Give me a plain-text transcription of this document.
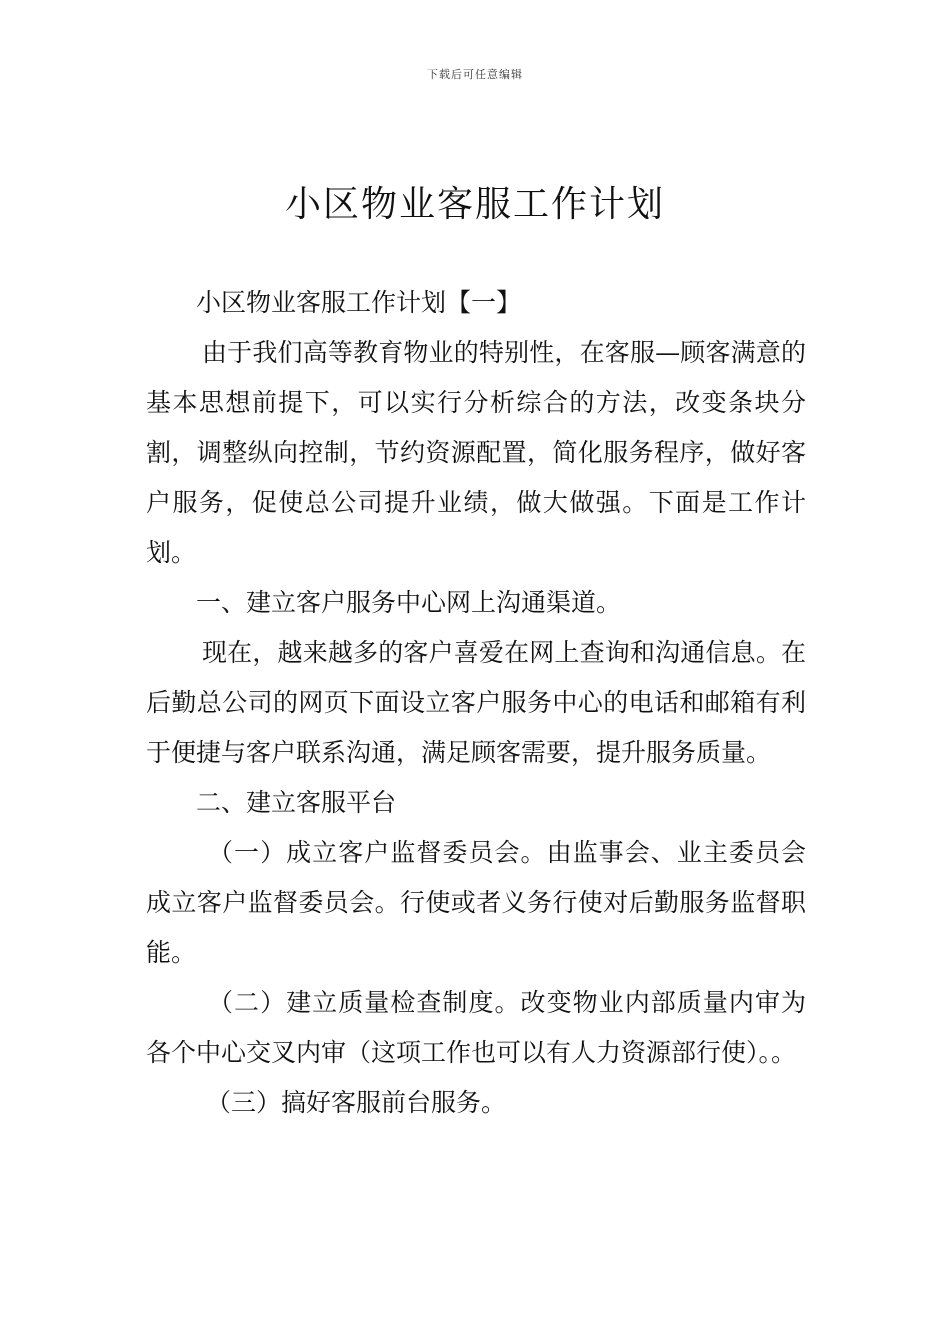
下载后可任意编辑
小区物业客服工作计划

小区物业客服工作计划【一】

由于我们高等教育物业的特别性，在客服—顾客满意的基本思想前提下，可以实行分析综合的方法，改变条块分割，调整纵向控制，节约资源配置，简化服务程序，做好客户服务，促使总公司提升业绩，做大做强。下面是工作计划。

一、建立客户服务中心网上沟通渠道。

现在，越来越多的客户喜爱在网上查询和沟通信息。在后勤总公司的网页下面设立客户服务中心的电话和邮箱有利于便捷与客户联系沟通，满足顾客需要，提升服务质量。

二、建立客服平台

（一）成立客户监督委员会。由监事会、业主委员会成立客户监督委员会。行使或者义务行使对后勤服务监督职能。

（二）建立质量检查制度。改变物业内部质量内审为各个中心交叉内审（这项工作也可以有人力资源部行使）。。

（三）搞好客服前台服务。
